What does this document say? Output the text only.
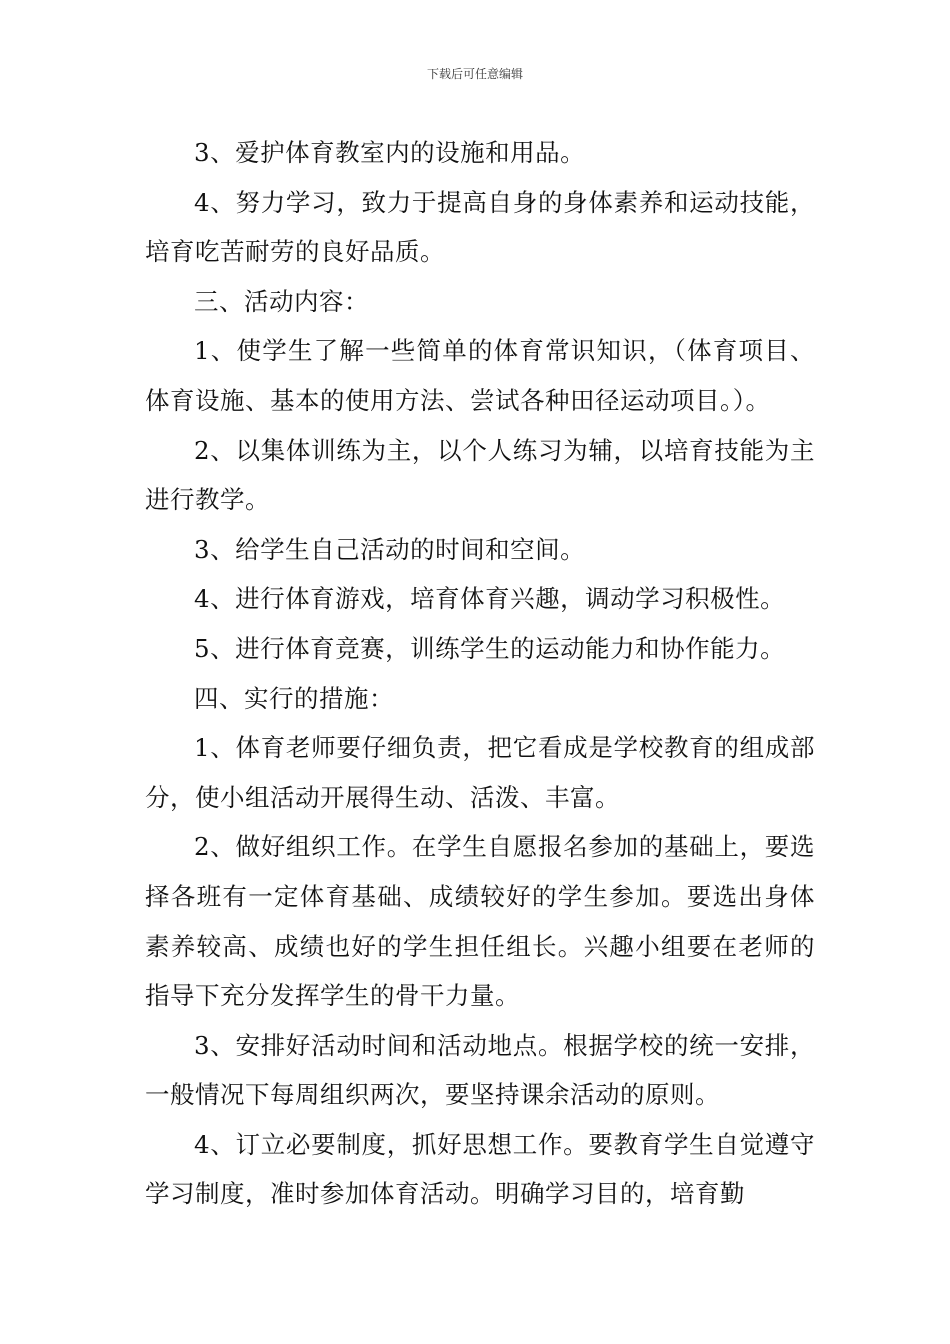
下载后可任意编辑

3、爱护体育教室内的设施和用品。

4、努力学习，致力于提高自身的身体素养和运动技能，培育吃苦耐劳的良好品质。

三、活动内容：

1、使学生了解一些简单的体育常识知识，（体育项目、体育设施、基本的使用方法、尝试各种田径运动项目。）。

2、以集体训练为主，以个人练习为辅，以培育技能为主进行教学。

3、给学生自己活动的时间和空间。

4、进行体育游戏，培育体育兴趣，调动学习积极性。

5、进行体育竞赛，训练学生的运动能力和协作能力。

四、实行的措施：

1、体育老师要仔细负责，把它看成是学校教育的组成部分，使小组活动开展得生动、活泼、丰富。

2、做好组织工作。在学生自愿报名参加的基础上，要选择各班有一定体育基础、成绩较好的学生参加。要选出身体素养较高、成绩也好的学生担任组长。兴趣小组要在老师的指导下充分发挥学生的骨干力量。

3、安排好活动时间和活动地点。根据学校的统一安排，一般情况下每周组织两次，要坚持课余活动的原则。

4、订立必要制度，抓好思想工作。要教育学生自觉遵守学习制度，准时参加体育活动。明确学习目的，培育勤
